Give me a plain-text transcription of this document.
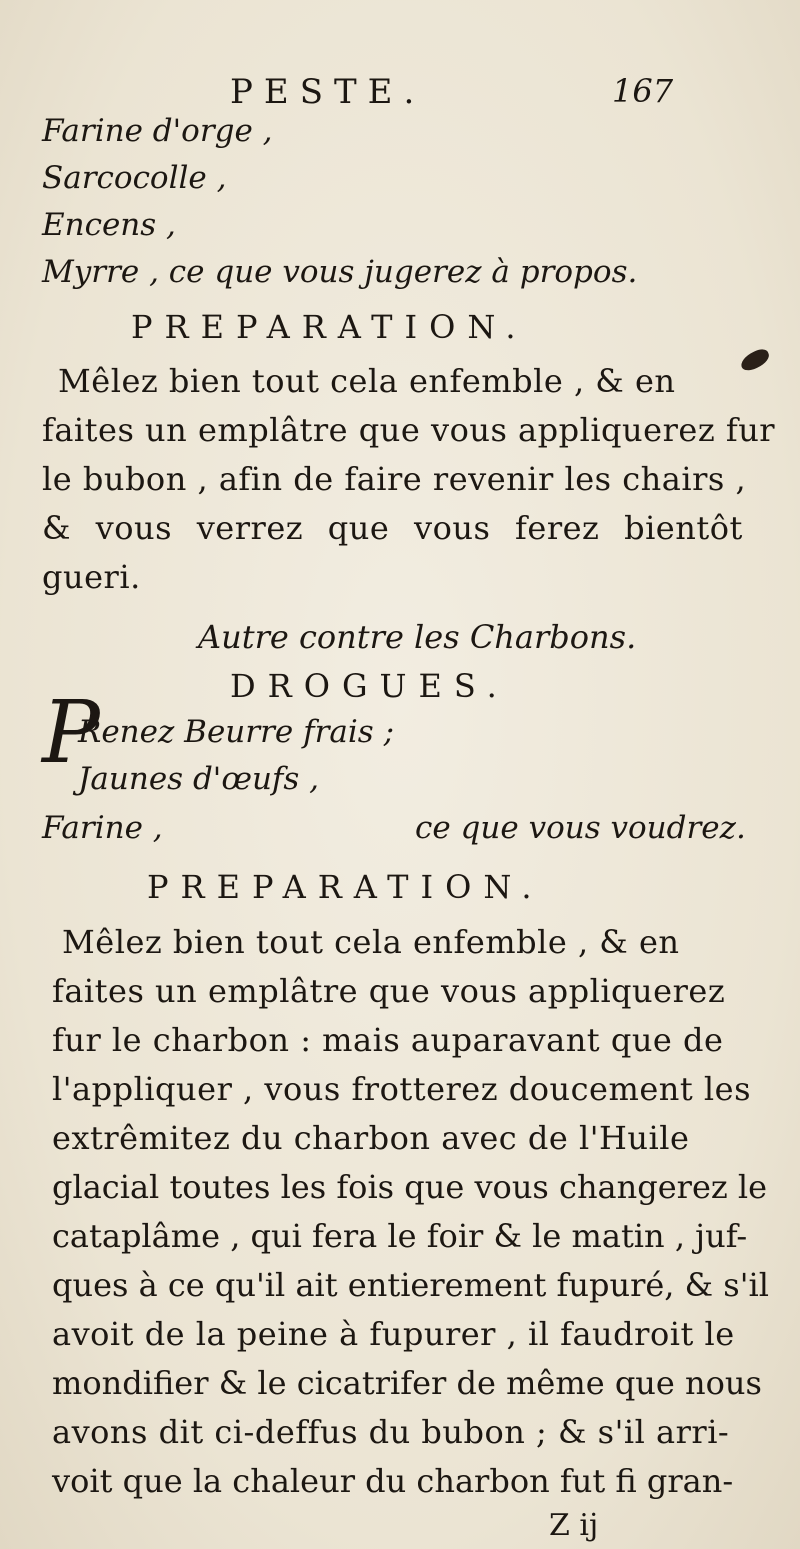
PESTE.	167
Farine d'orge ,
Sarcocolle ,
Encens ,
Myrre , ce que vous jugerez à propos.
PREPARATION.
Mêlez bien tout cela enfemble , & en
faites un emplâtre que vous appliquerez fur
le bubon , afin de faire revenir les chairs ,
& vous verrez que vous ferez bientôt
gueri.
Autre contre les Charbons.
DROGUES.
P
Renez Beurre frais ;
Jaunes d'œufs ,
Farine ,	ce que vous voudrez.
PREPARATION.
Mêlez bien tout cela enfemble , & en
faites un emplâtre que vous appliquerez
fur le charbon : mais auparavant que de
l'appliquer , vous frotterez doucement les
extrêmitez du charbon avec de l'Huile
glacial toutes les fois que vous changerez le
cataplâme , qui fera le foir & le matin , juf-
ques à ce qu'il ait entierement fupuré, & s'il
avoit de la peine à fupurer , il faudroit le
mondifier & le cicatrifer de même que nous
avons dit ci-deffus du bubon ; & s'il arri-
voit que la chaleur du charbon fut fi gran-
Z ij
